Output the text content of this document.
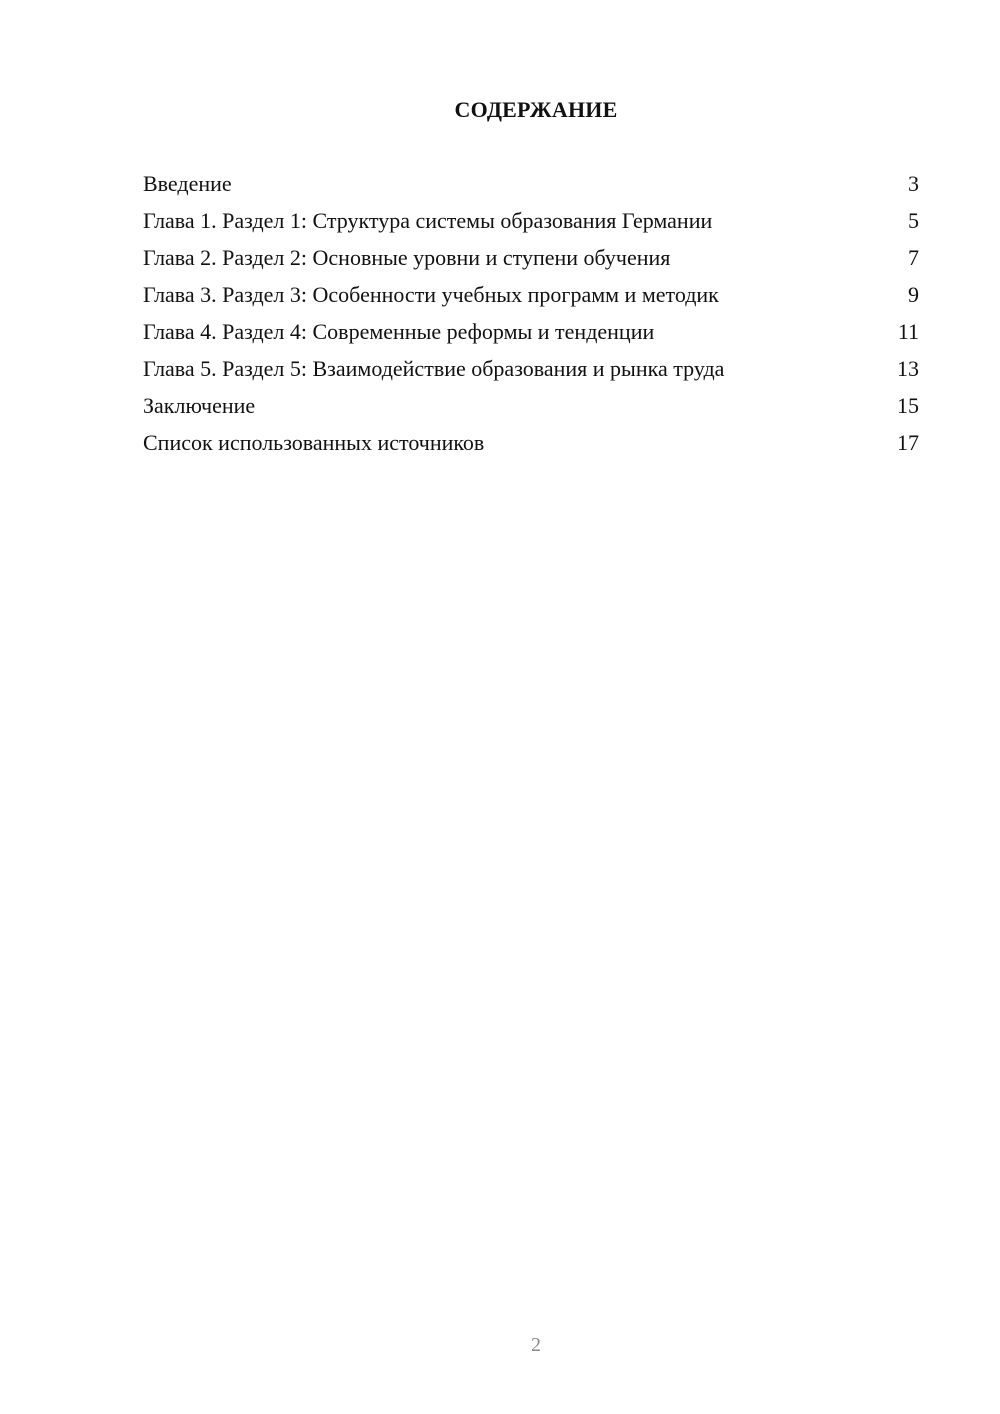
СОДЕРЖАНИЕ
Введение	3
Глава 1. Раздел 1: Структура системы образования Германии	5
Глава 2. Раздел 2: Основные уровни и ступени обучения	7
Глава 3. Раздел 3: Особенности учебных программ и методик	9
Глава 4. Раздел 4: Современные реформы и тенденции	11
Глава 5. Раздел 5: Взаимодействие образования и рынка труда	13
Заключение	15
Список использованных источников	17
2
